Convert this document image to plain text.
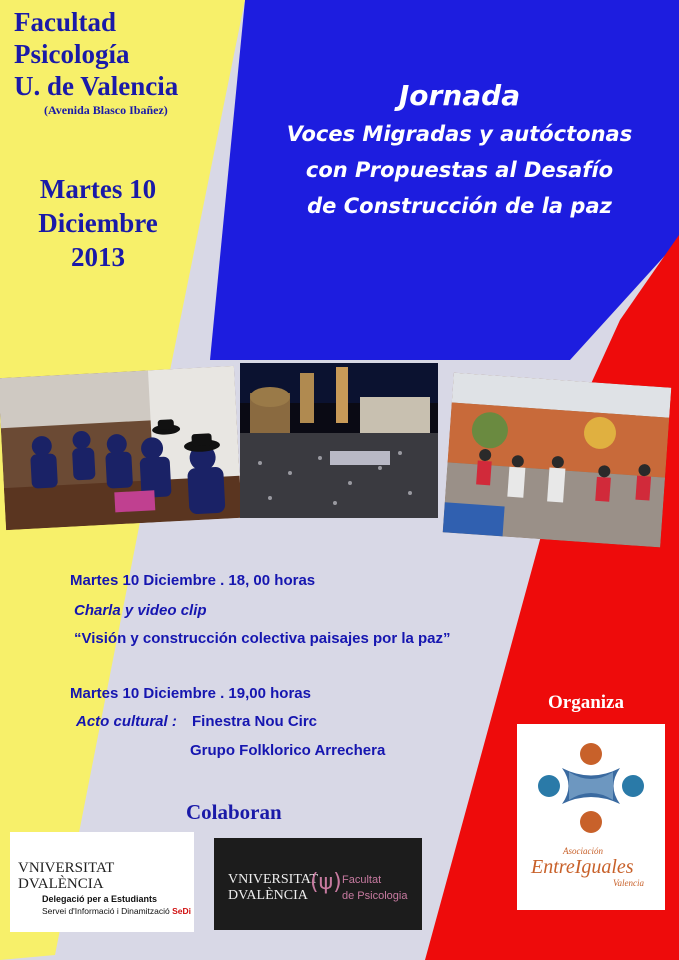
Facultad
Psicología
U. de Valencia
(Avenida Blasco Ibañez)
Martes 10
Diciembre
2013
Jornada
Voces Migradas y autóctonas
con Propuestas al Desafío
de Construcción de la paz
Martes 10 Diciembre . 18, 00 horas
Charla y video clip
“Visión y construcción colectiva paisajes por la paz”
Martes 10 Diciembre . 19,00 horas
Acto cultural : Finestra Nou Circ
Grupo Folklorico Arrechera
Organiza
Colaboran
VNIVERSITAT
DVALÈNCIA
Delegació per a Estudiants
Servei d'Informació i Dinamització SeDi
VNIVERSITAT
DVALÈNCIA
(ψ) Facultat
de Psicologia
Asociación
EntreIguales
Valencia
